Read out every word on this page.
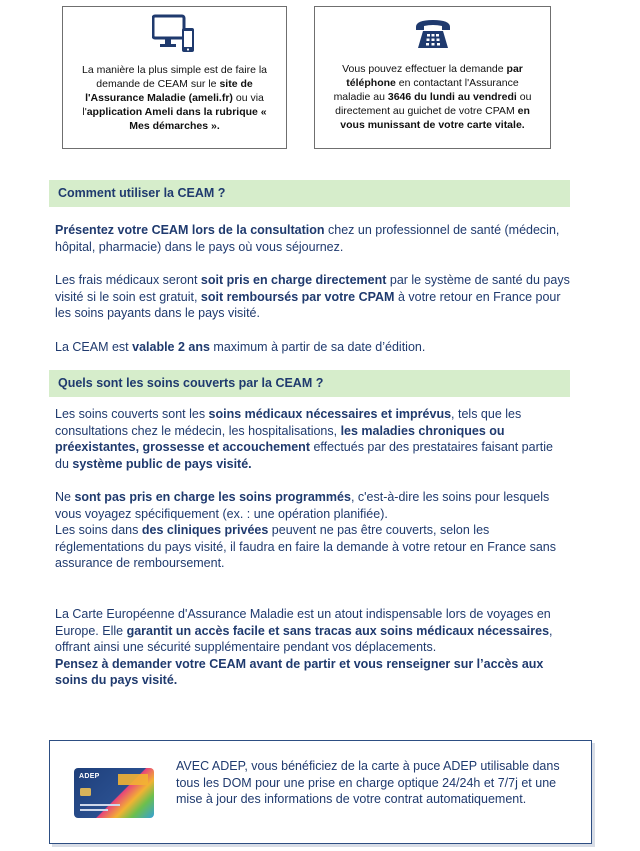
La manière la plus simple est de faire la demande de CEAM sur le site de l'Assurance Maladie (ameli.fr) ou via l'application Ameli dans la rubrique « Mes démarches ».
Vous pouvez effectuer la demande par téléphone en contactant l'Assurance maladie au 3646 du lundi au vendredi ou directement au guichet de votre CPAM en vous munissant de votre carte vitale.
Comment utiliser la CEAM ?
Présentez votre CEAM lors de la consultation chez un professionnel de santé (médecin, hôpital, pharmacie) dans le pays où vous séjournez.
Les frais médicaux seront soit pris en charge directement par le système de santé du pays visité si le soin est gratuit, soit remboursés par votre CPAM à votre retour en France pour les soins payants dans le pays visité.
La CEAM est valable 2 ans maximum à partir de sa date d’édition.
Quels sont les soins couverts par la CEAM ?
Les soins couverts sont les soins médicaux nécessaires et imprévus, tels que les consultations chez le médecin, les hospitalisations, les maladies chroniques ou préexistantes, grossesse et accouchement effectués par des prestataires faisant partie du système public de pays visité.
Ne sont pas pris en charge les soins programmés, c'est-à-dire les soins pour lesquels vous voyagez spécifiquement (ex. : une opération planifiée).
Les soins dans des cliniques privées peuvent ne pas être couverts, selon les réglementations du pays visité, il faudra en faire la demande à votre retour en France sans assurance de remboursement.
La Carte Européenne d'Assurance Maladie est un atout indispensable lors de voyages en Europe. Elle garantit un accès facile et sans tracas aux soins médicaux nécessaires, offrant ainsi une sécurité supplémentaire pendant vos déplacements.
Pensez à demander votre CEAM avant de partir et vous renseigner sur l’accès aux soins du pays visité.
ADEP
AVEC ADEP, vous bénéficiez de la carte à puce ADEP utilisable dans tous les DOM pour une prise en charge optique 24/24h et 7/7j et une mise à jour des informations de votre contrat automatiquement.
